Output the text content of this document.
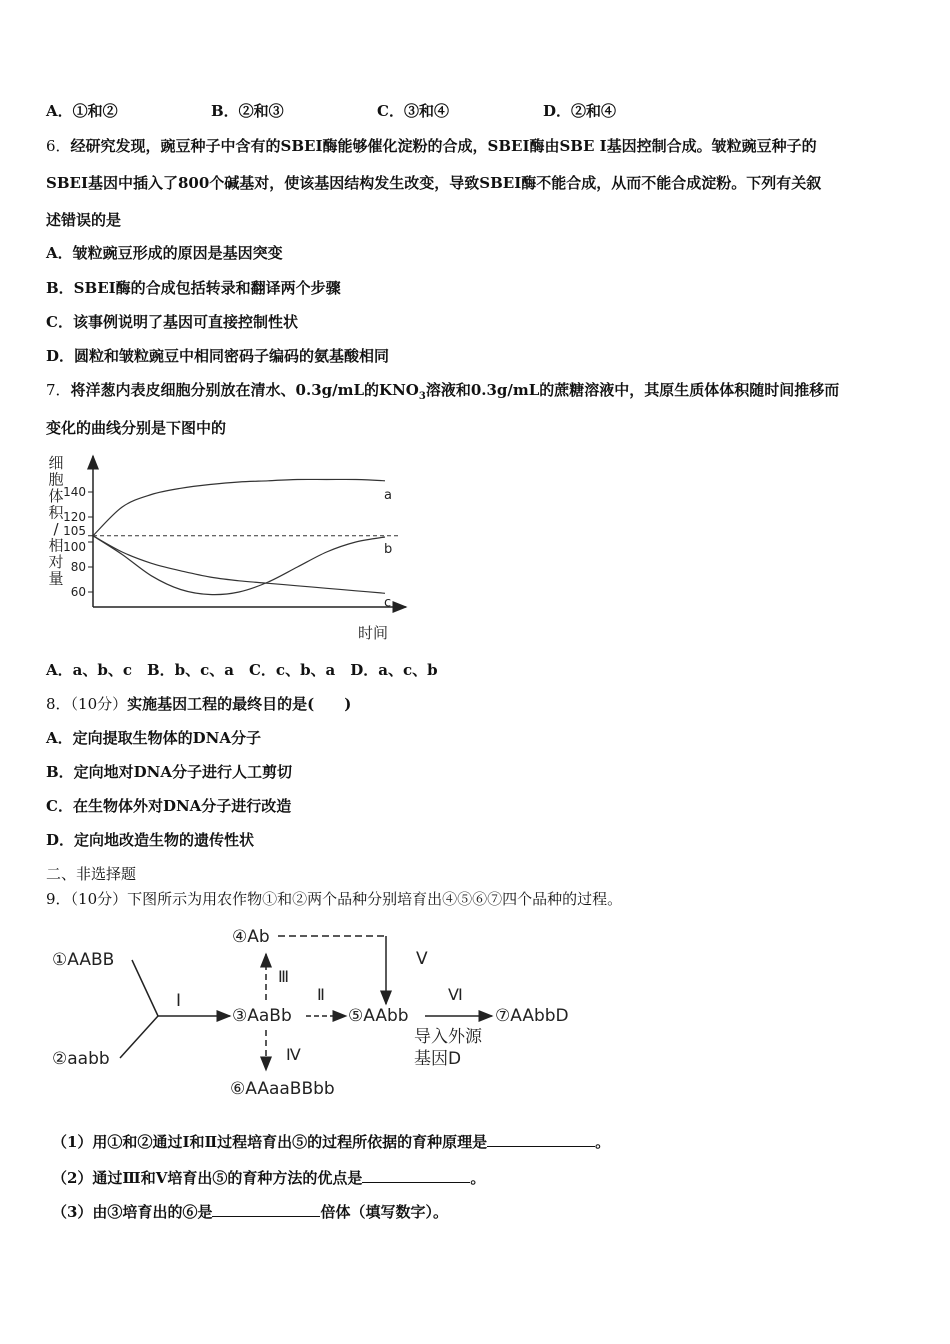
A．①和②	B．②和③	C．③和④	D．②和④
6．经研究发现，豌豆种子中含有的SBEI酶能够催化淀粉的合成，SBEI酶由SBE I基因控制合成。皱粒豌豆种子的
SBEI基因中插入了800个碱基对，使该基因结构发生改变，导致SBEI酶不能合成，从而不能合成淀粉。下列有关叙
述错误的是
A．皱粒豌豆形成的原因是基因突变
B．SBEI酶的合成包括转录和翻译两个步骤
C．该事例说明了基因可直接控制性状
D．圆粒和皱粒豌豆中相同密码子编码的氨基酸相同
7．将洋葱内表皮细胞分别放在清水、0.3g/mL的$KNO_3$溶液和0.3g/mL的蔗糖溶液中，其原生质体体积随时间推移而
变化的曲线分别是下图中的
细
胞
体
积
/
相
对
量
60
80
100
105
120
140	a
b
c
时间
A．a、b、c　B．b、c、a　C．c、b、a　D．a、c、b
8．（10分）实施基因工程的最终目的是(　　)
A．定向提取生物体的DNA分子
B．定向地对DNA分子进行人工剪切
C．在生物体外对DNA分子进行改造
D．定向地改造生物的遗传性状
二、非选择题
9．（10分）下图所示为用农作物①和②两个品种分别培育出④⑤⑥⑦四个品种的过程。
①AABB
②aabb
Ⅰ
③AaBb
④Ab
Ⅲ
Ⅳ
⑥AAaaBBbb
Ⅱ
⑤AAbb
Ⅴ
Ⅵ
导入外源
基因D
⑦AAbbD
（1）用①和②通过Ⅰ和Ⅱ过程培育出⑤的过程所依据的育种原理是	。
（2）通过Ⅲ和Ⅴ培育出⑤的育种方法的优点是	。
（3）由③培育出的⑥是	倍体（填写数字）。
